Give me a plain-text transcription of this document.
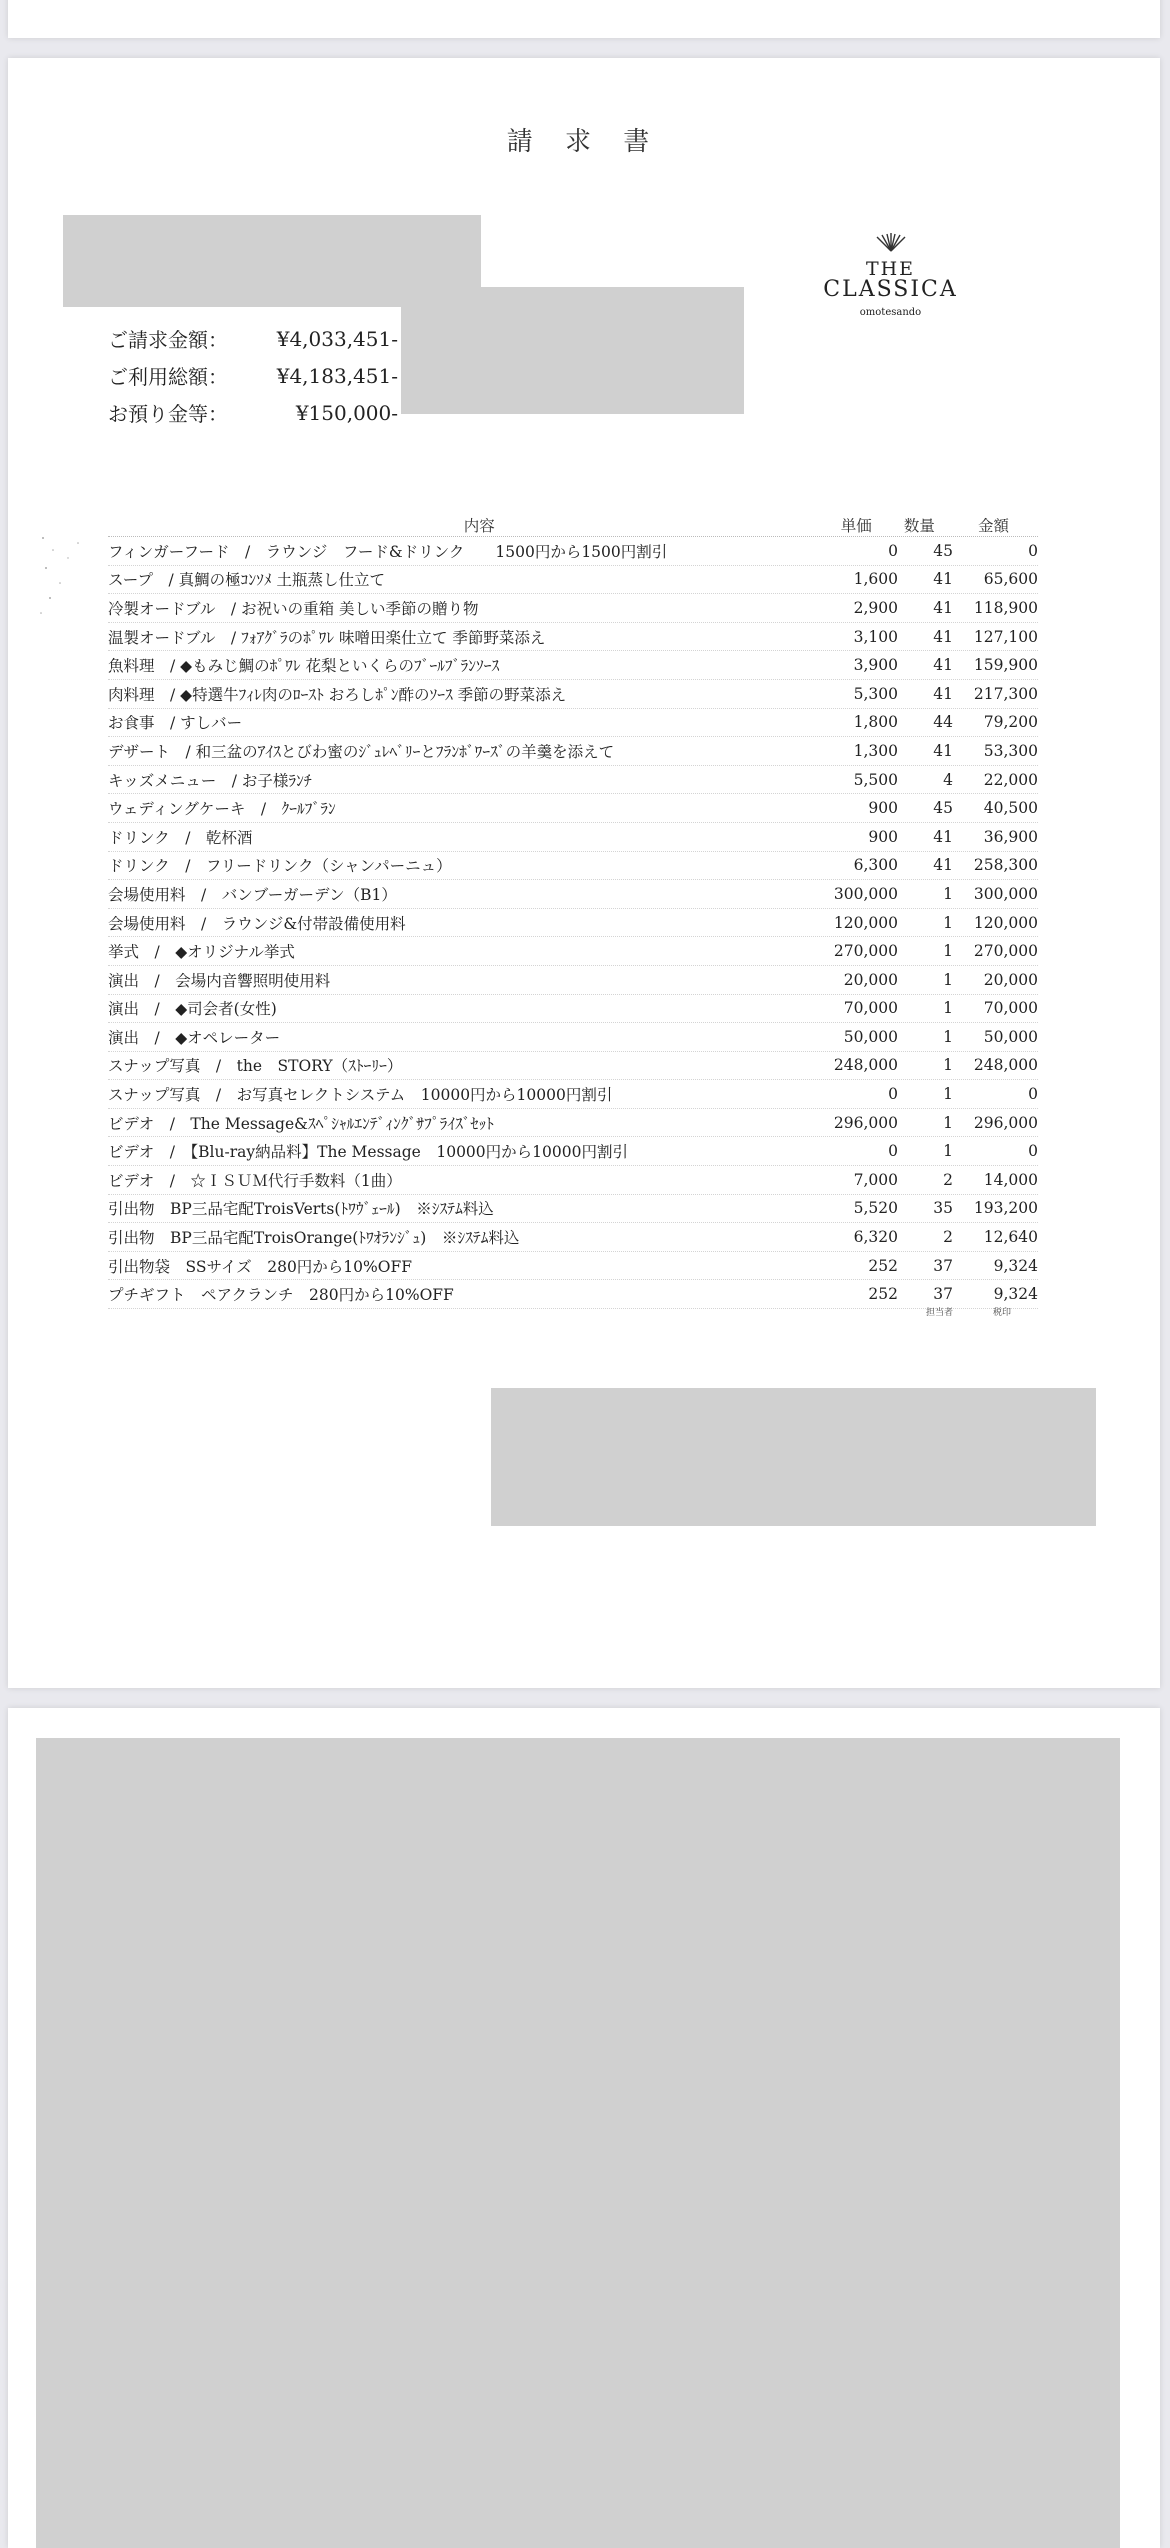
請 求 書
ご請求金額：	¥4,033,451-
ご利用総額：	¥4,183,451-
お預り金等：	¥150,000-
THE
CLASSICA
omotesando
内容	単価	数量	金額
フィンガーフード　/　ラウンジ　フード&ドリンク　　1500円から1500円割引	0	45	0
スープ　/ 真鯛の極ｺﾝｿﾒ 土瓶蒸し仕立て	1,600	41	65,600
冷製オードブル　/ お祝いの重箱 美しい季節の贈り物	2,900	41	118,900
温製オードブル　/ ﾌｫｱｸﾞﾗのﾎﾟﾜﾚ 味噌田楽仕立て 季節野菜添え	3,100	41	127,100
魚料理　/ ◆もみじ鯛のﾎﾟﾜﾚ 花梨といくらのﾌﾞｰﾙﾌﾞﾗﾝｿｰｽ	3,900	41	159,900
肉料理　/ ◆特選牛ﾌｨﾚ肉のﾛｰｽﾄ おろしﾎﾟﾝ酢のｿｰｽ 季節の野菜添え	5,300	41	217,300
お食事　/ すしバー	1,800	44	79,200
デザート　/ 和三盆のｱｲｽとびわ蜜のｼﾞｭﾚﾍﾞﾘｰとﾌﾗﾝﾎﾞﾜｰｽﾞの羊羹を添えて	1,300	41	53,300
キッズメニュー　/ お子様ﾗﾝﾁ	5,500	4	22,000
ウェディングケーキ　/　ｸｰﾙﾌﾞﾗﾝ	900	45	40,500
ドリンク　/　乾杯酒	900	41	36,900
ドリンク　/　フリードリンク（シャンパーニュ）	6,300	41	258,300
会場使用料　/　バンブーガーデン（B1）	300,000	1	300,000
会場使用料　/　ラウンジ&付帯設備使用料	120,000	1	120,000
挙式　/　◆オリジナル挙式	270,000	1	270,000
演出　/　会場内音響照明使用料	20,000	1	20,000
演出　/　◆司会者(女性)	70,000	1	70,000
演出　/　◆オペレーター	50,000	1	50,000
スナップ写真　/　the　STORY（ｽﾄｰﾘｰ）	248,000	1	248,000
スナップ写真　/　お写真セレクトシステム　10000円から10000円割引	0	1	0
ビデオ　/　The Message&ｽﾍﾟｼｬﾙｴﾝﾃﾞｨﾝｸﾞｻﾌﾟﾗｲｽﾞｾｯﾄ	296,000	1	296,000
ビデオ　/　【Blu-ray納品料】The Message　10000円から10000円割引	0	1	0
ビデオ　/　☆ＩＳＵＭ代行手数料（1曲）	7,000	2	14,000
引出物　BP三品宅配TroisVerts(ﾄﾜｳﾞｪｰﾙ)　※ｼｽﾃﾑ料込	5,520	35	193,200
引出物　BP三品宅配TroisOrange(ﾄﾜｵﾗﾝｼﾞｭ)　※ｼｽﾃﾑ料込	6,320	2	12,640
引出物袋　SSサイズ　280円から10%OFF	252	37	9,324
プチギフト　ペアクランチ　280円から10%OFF	252	37	9,324
担当者	税印
